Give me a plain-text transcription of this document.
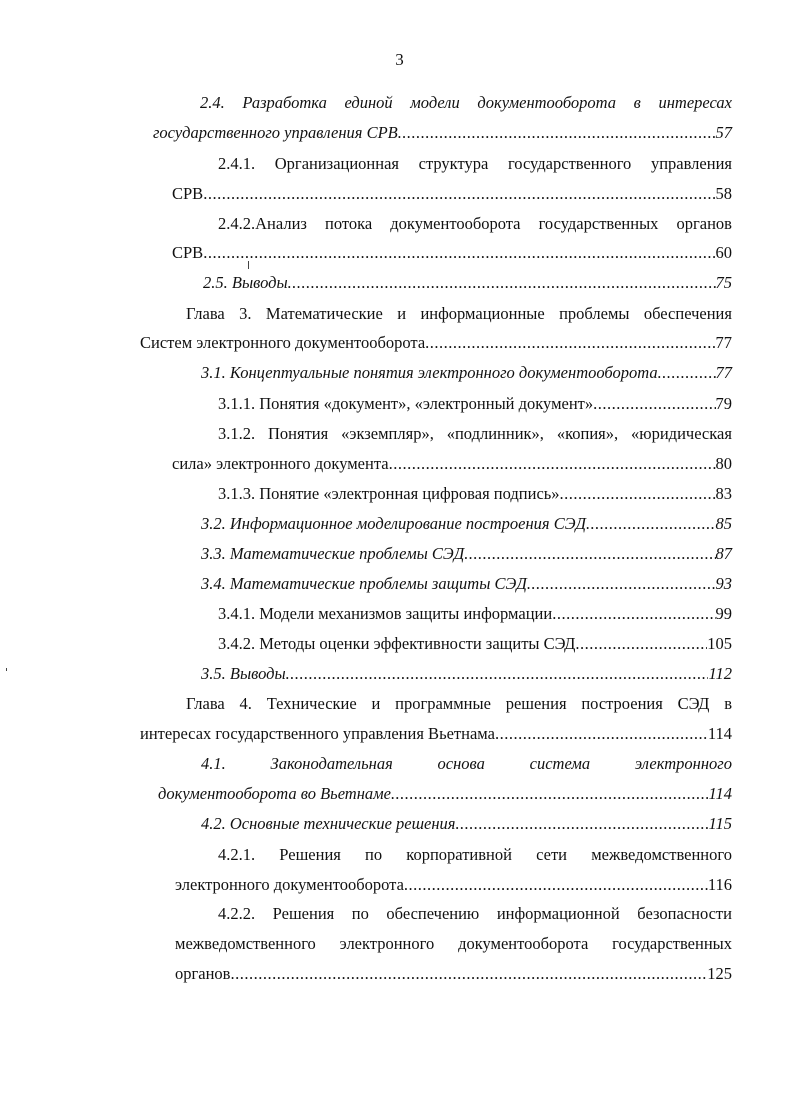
3
2.4. Разработка единой модели документооборота в интересах
государственного управления СРВ .....	57
2.4.1. Организационная структура государственного управления
СРВ .....	58
2.4.2.Анализ потока документооборота государственных органов
СРВ .....	60
2.5. Выводы .....	75
Глава 3. Математические и информационные проблемы обеспечения
Систем электронного документооборота .....	77
3.1. Концептуальные понятия электронного документооборота .....	77
3.1.1. Понятия «документ», «электронный документ» .....	79
3.1.2. Понятия «экземпляр», «подлинник», «копия», «юридическая
сила» электронного документа .....	80
3.1.3. Понятие «электронная цифровая подпись» .....	83
3.2. Информационное моделирование построения СЭД .....	85
3.3. Математические проблемы СЭД .....	87
3.4. Математические проблемы защиты СЭД .....	93
3.4.1. Модели механизмов защиты информации .....	99
3.4.2. Методы оценки эффективности защиты СЭД .....	105
3.5. Выводы .....	112
Глава 4. Технические и программные решения построения СЭД в
интересах государственного управления Вьетнама .....	114
4.1.	Законодательная	основа	система	электронного
документооборота во Вьетнаме .....	114
4.2. Основные технические решения .....	115
4.2.1. Решения по корпоративной сети межведомственного
электронного документооборота .....	116
4.2.2. Решения по обеспечению информационной безопасности
межведомственного электронного документооборота государственных
органов .....	125
